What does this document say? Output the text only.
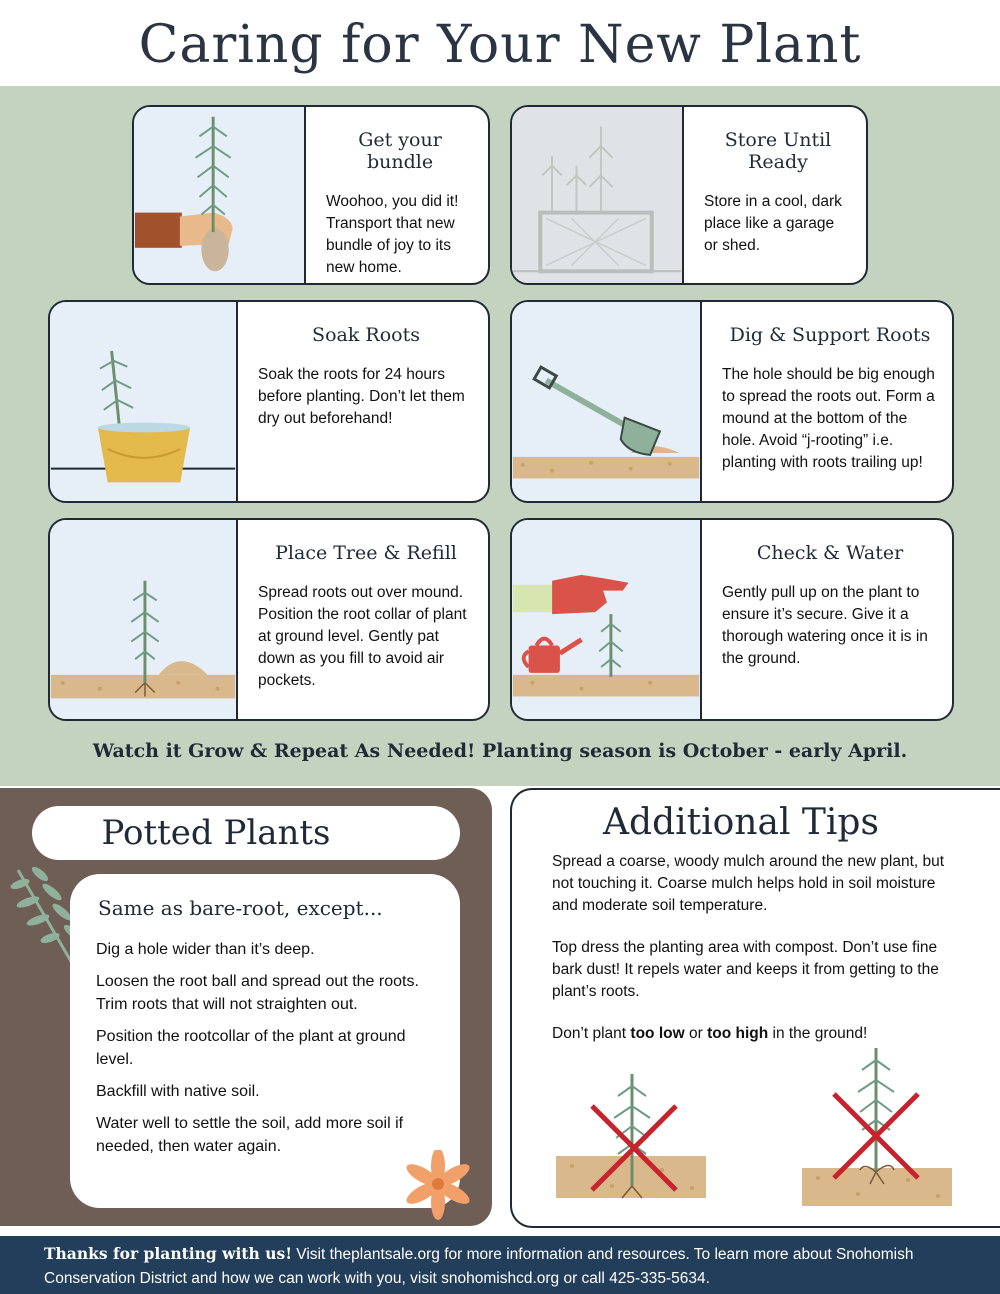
Caring for Your New Plant
Get your bundle

Woohoo, you did it! Transport that new bundle of joy to its new home.

Store Until Ready

Store in a cool, dark place like a garage or shed.

Soak Roots

Soak the roots for 24 hours before planting. Don’t let them dry out beforehand!

Dig & Support Roots

The hole should be big enough to spread the roots out. Form a mound at the bottom of the hole. Avoid “j-rooting” i.e. planting with roots trailing up!

Place Tree & Refill

Spread roots out over mound. Position the root collar of plant at ground level. Gently pat down as you fill to avoid air pockets.

Check & Water

Gently pull up on the plant to ensure it’s secure. Give it a thorough watering once it is in the ground.

Watch it Grow & Repeat As Needed! Planting season is October - early April.
Potted Plants
Same as bare-root, except...
Dig a hole wider than it’s deep.
Loosen the root ball and spread out the roots. Trim roots that will not straighten out.
Position the rootcollar of the plant at ground level.
Backfill with native soil.
Water well to settle the soil, add more soil if needed, then water again.
Additional Tips

Spread a coarse, woody mulch around the new plant, but not touching it. Coarse mulch helps hold in soil moisture and moderate soil temperature.

Top dress the planting area with compost. Don’t use fine bark dust! It repels water and keeps it from getting to the plant’s roots.

Don’t plant too low or too high in the ground!

Thanks for planting with us! Visit theplantsale.org for more information and resources. To learn more about Snohomish Conservation District and how we can work with you, visit snohomishcd.org or call 425-335-5634.
